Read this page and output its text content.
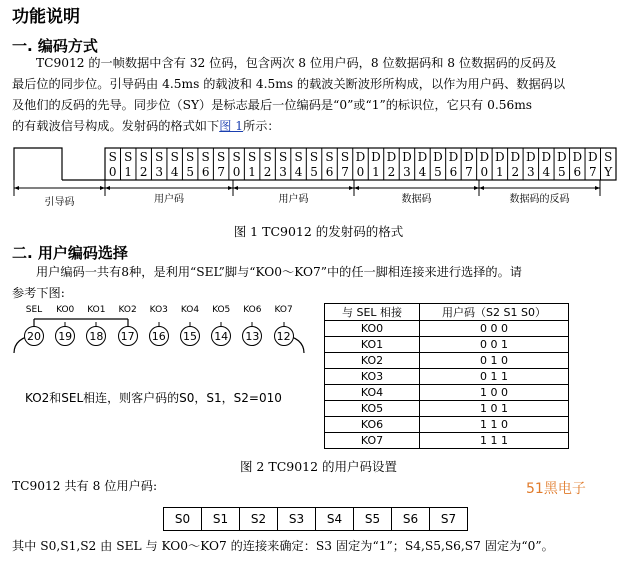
功能说明
一. 编码方式
TC9012 的一帧数据中含有 32 位码，包含两次 8 位用户码，8 位数据码和 8 位数据码的反码及
最后位的同步位。引导码由 4.5ms 的载波和 4.5ms 的载波关断波形所构成，以作为用户码、数据码以
及他们的反码的先导。同步位（SY）是标志最后一位编码是“0”或“1”的标识位，它只有 0.56ms
的有载波信号构成。发射码的格式如下图 1所示：
S
0
S
1
S
2
S
3
S
4
S
5
S
6
S
7
S
0
S
1
S
2
S
3
S
4
S
5
S
6
S
7
D
0
D
1
D
2
D
3
D
4
D
5
D
6
D
7
D
0
D
1
D
2
D
3
D
4
D
5
D
6
D
7
S
Y
引导码	用户码	用户码	数据码	数据码的反码
图 1 TC9012 的发射码的格式
二. 用户编码选择
用户编码一共有8种，是利用“SEL”脚与“KO0～KO7”中的任一脚相连接来进行选择的。请
参考下图:
SEL
20
KO0
19
KO1
18
KO2
17
KO3
16
KO4
15
KO5
14
KO6
13
KO7
12
KO2和SEL相连，则客户码的S0，S1，S2=010
与 SEL 相接	用户码（S2 S1 S0）
KO0	0 0 0
KO1	0 0 1
KO2	0 1 0
KO3	0 1 1
KO4	1 0 0
KO5	1 0 1
KO6	1 1 0
KO7	1 1 1
图 2 TC9012 的用户码设置
TC9012 共有 8 位用户码:	51黑电子
S0	S1	S2	S3	S4	S5	S6	S7
其中 S0,S1,S2 由 SEL 与 KO0～KO7 的连接来确定：S3 固定为“1”；S4,S5,S6,S7 固定为“0”。
